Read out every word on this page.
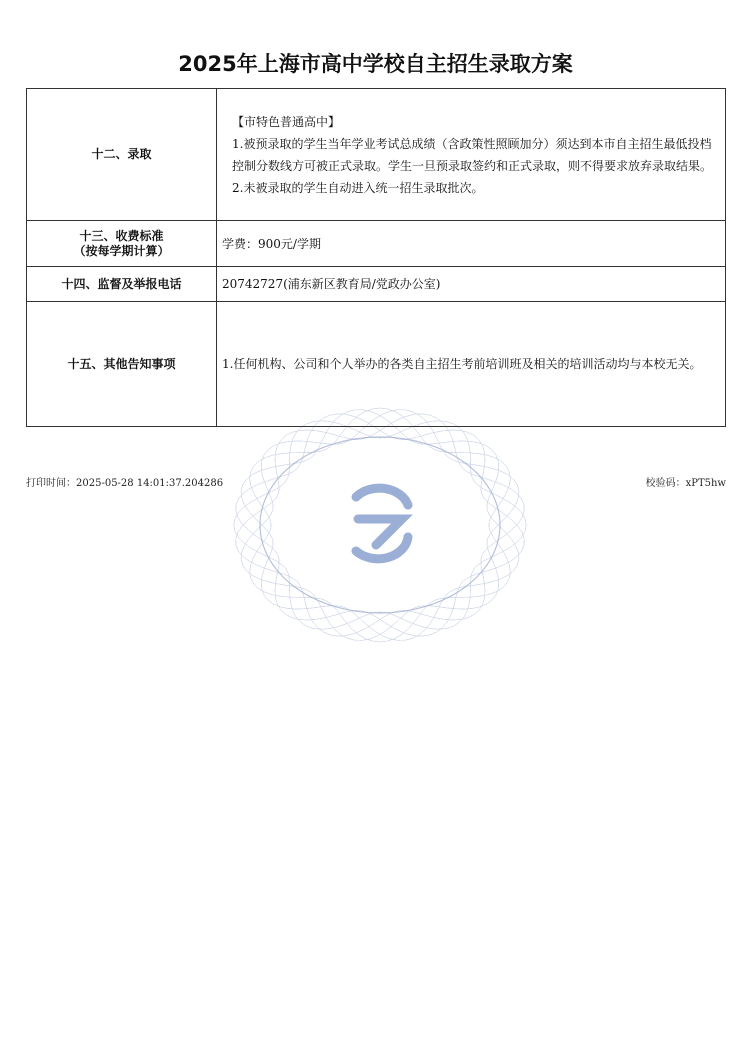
2025年上海市高中学校自主招生录取方案
十二、录取	【市特色普通高中】

1.被预录取的学生当年学业考试总成绩（含政策性照顾加分）须达到本市自主招生最低投档控制分数线方可被正式录取。学生一旦预录取签约和正式录取，则不得要求放弃录取结果。

2.未被录取的学生自动进入统一招生录取批次。

十三、收费标准
（按每学期计算）	学费：900元/学期

十四、监督及举报电话	20742727(浦东新区教育局/党政办公室)

十五、其他告知事项	1.任何机构、公司和个人举办的各类自主招生考前培训班及相关的培训活动均与本校无关。

打印时间：2025-05-28 14:01:37.204286	校验码：xPT5hw
